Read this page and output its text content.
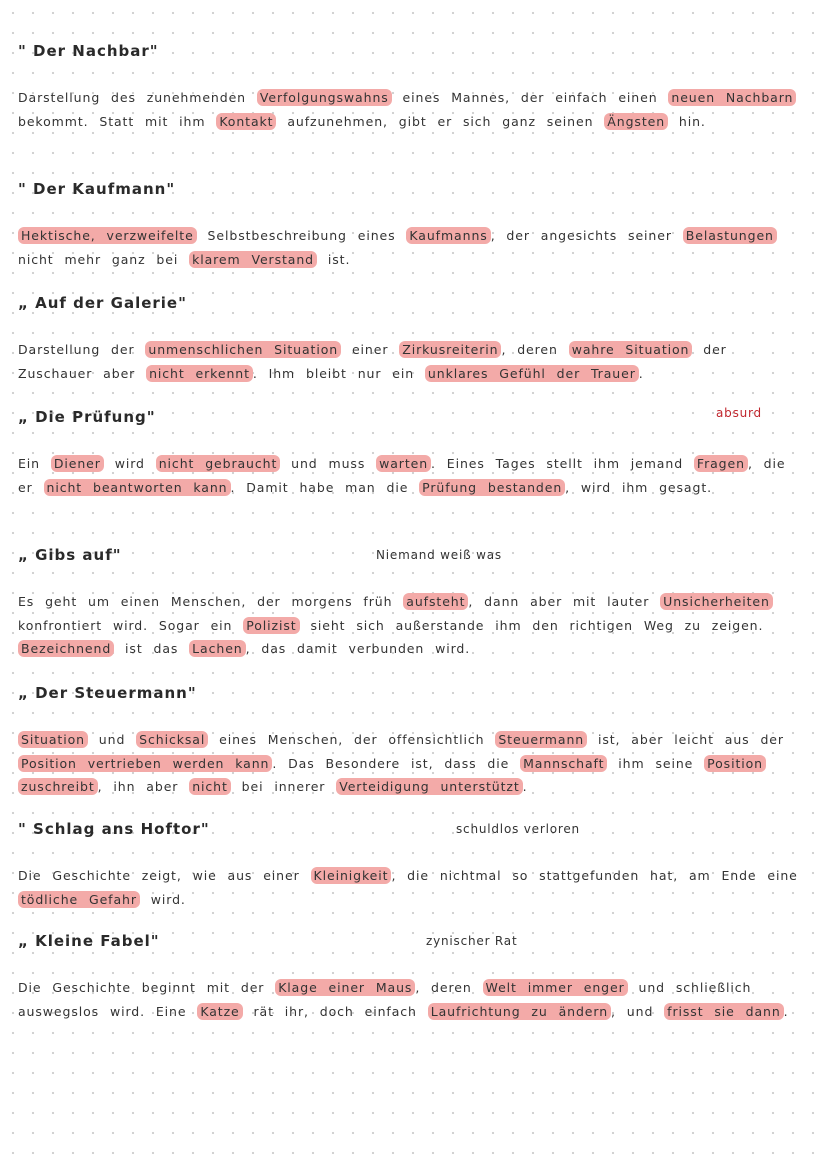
" Der Nachbar"
Darstellung des zunehmenden Verfolgungswahns eines Mannes, der einfach einen neuen Nachbarn bekommt. Statt mit ihm Kontakt aufzunehmen, gibt er sich ganz seinen Ängsten hin.
" Der Kaufmann"
Hektische, verzweifelte Selbstbeschreibung eines Kaufmanns , der angesichts seiner Belastungen nicht mehr ganz bei klarem Verstand ist.
„ Auf der Galerie"
Darstellung der unmenschlichen Situation einer Zirkusreiterin , deren wahre Situation der Zuschauer aber nicht erkennt . Ihm bleibt nur ein unklares Gefühl der Trauer .
„ Die Prüfung"	absurd
Ein Diener wird nicht gebraucht und muss warten . Eines Tages stellt ihm jemand Fragen , die er nicht beantworten kann . Damit habe man die Prüfung bestanden , wird ihm gesagt.
„ Gibs auf"	Niemand weiß was
Es geht um einen Menschen, der morgens früh aufsteht , dann aber mit lauter Unsicherheiten konfrontiert wird. Sogar ein Polizist sieht sich außerstande ihm den richtigen Weg zu zeigen. Bezeichnend ist das Lachen , das damit verbunden wird.
„ Der Steuermann"
Situation und Schicksal eines Menschen, der offensichtlich Steuermann ist, aber leicht aus der Position vertrieben werden kann . Das Besondere ist, dass die Mannschaft ihm seine Position zuschreibt , ihn aber nicht bei innerer Verteidigung unterstützt .
" Schlag ans Hoftor"	schuldlos verloren
Die Geschichte zeigt, wie aus einer Kleinigkeit , die nichtmal so stattgefunden hat, am Ende eine tödliche Gefahr wird.
„ Kleine Fabel"	zynischer Rat
Die Geschichte beginnt mit der Klage einer Maus , deren Welt immer enger und schließlich auswegslos wird. Eine Katze rät ihr, doch einfach Laufrichtung zu ändern , und frisst sie dann .
